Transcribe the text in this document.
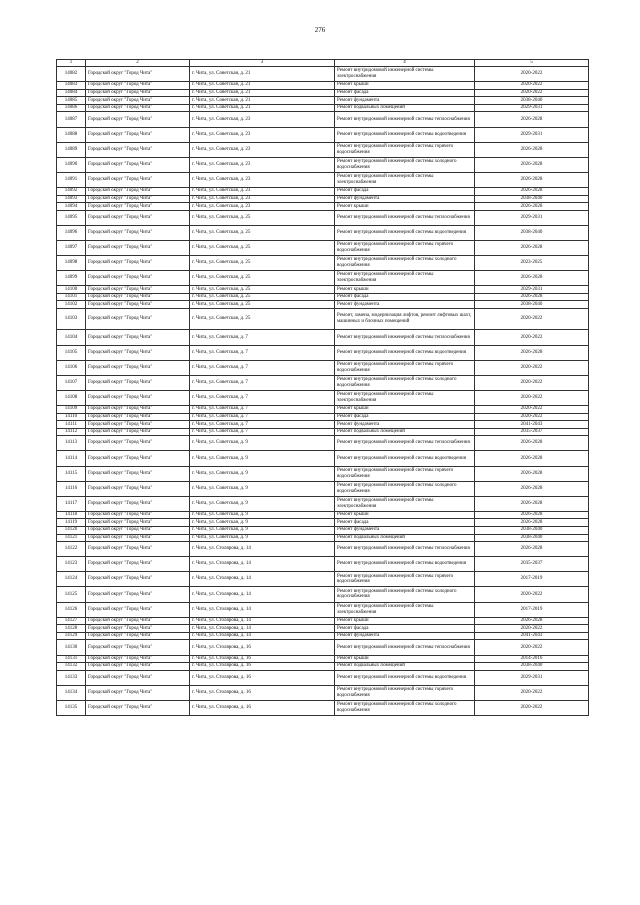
276
1	2	3	4	5
14082	Городской округ "Город Чита"	г. Чита, ул. Советская, д. 21	Ремонт внутридомовой инженерной системы электроснабжения	2020-2022
14083	Городской округ "Город Чита"	г. Чита, ул. Советская, д. 21	Ремонт крыши	2020-2022
14084	Городской округ "Город Чита"	г. Чита, ул. Советская, д. 21	Ремонт фасада	2020-2022
14085	Городской округ "Город Чита"	г. Чита, ул. Советская, д. 21	Ремонт фундамента	2038-2040
14086	Городской округ "Город Чита"	г. Чита, ул. Советская, д. 21	Ремонт подвальных помещений	2029-2031
14087	Городской округ "Город Чита"	г. Чита, ул. Советская, д. 23	Ремонт внутридомовой инженерной системы теплоснабжения	2026-2028
14088	Городской округ "Город Чита"	г. Чита, ул. Советская, д. 23	Ремонт внутридомовой инженерной системы водоотведения	2029-2031
14089	Городской округ "Город Чита"	г. Чита, ул. Советская, д. 23	Ремонт внутридомовой инженерной системы горячего водоснабжения	2026-2028
14090	Городской округ "Город Чита"	г. Чита, ул. Советская, д. 23	Ремонт внутридомовой инженерной системы холодного водоснабжения	2026-2028
14091	Городской округ "Город Чита"	г. Чита, ул. Советская, д. 23	Ремонт внутридомовой инженерной системы электроснабжения	2026-2028
14092	Городской округ "Город Чита"	г. Чита, ул. Советская, д. 23	Ремонт фасада	2026-2028
14093	Городской округ "Город Чита"	г. Чита, ул. Советская, д. 23	Ремонт фундамента	2038-2040
14094	Городской округ "Город Чита"	г. Чита, ул. Советская, д. 23	Ремонт крыши	2026-2028
14095	Городской округ "Город Чита"	г. Чита, ул. Советская, д. 25	Ремонт внутридомовой инженерной системы теплоснабжения	2029-2031
14096	Городской округ "Город Чита"	г. Чита, ул. Советская, д. 25	Ремонт внутридомовой инженерной системы водоотведения	2038-2040
14097	Городской округ "Город Чита"	г. Чита, ул. Советская, д. 25	Ремонт внутридомовой инженерной системы горячего водоснабжения	2026-2028
14098	Городской округ "Город Чита"	г. Чита, ул. Советская, д. 25	Ремонт внутридомовой инженерной системы холодного водоснабжения	2023-2025
14099	Городской округ "Город Чита"	г. Чита, ул. Советская, д. 25	Ремонт внутридомовой инженерной системы электроснабжения	2026-2028
14100	Городской округ "Город Чита"	г. Чита, ул. Советская, д. 25	Ремонт крыши	2029-2031
14101	Городской округ "Город Чита"	г. Чита, ул. Советская, д. 25	Ремонт фасада	2026-2028
14102	Городской округ "Город Чита"	г. Чита, ул. Советская, д. 25	Ремонт фундамента	2038-2040
14103	Городской округ "Город Чита"	г. Чита, ул. Советская, д. 25	Ремонт, замена, модернизация лифтов, ремонт лифтовых шахт, машинных и блочных помещений	2020-2022
14104	Городской округ "Город Чита"	г. Чита, ул. Советская, д. 7	Ремонт внутридомовой инженерной системы теплоснабжения	2020-2022
14105	Городской округ "Город Чита"	г. Чита, ул. Советская, д. 7	Ремонт внутридомовой инженерной системы водоотведения	2026-2028
14106	Городской округ "Город Чита"	г. Чита, ул. Советская, д. 7	Ремонт внутридомовой инженерной системы горячего водоснабжения	2020-2022
14107	Городской округ "Город Чита"	г. Чита, ул. Советская, д. 7	Ремонт внутридомовой инженерной системы холодного водоснабжения	2020-2022
14108	Городской округ "Город Чита"	г. Чита, ул. Советская, д. 7	Ремонт внутридомовой инженерной системы электроснабжения	2020-2022
14109	Городской округ "Город Чита"	г. Чита, ул. Советская, д. 7	Ремонт крыши	2020-2022
14110	Городской округ "Город Чита"	г. Чита, ул. Советская, д. 7	Ремонт фасада	2020-2022
14111	Городской округ "Город Чита"	г. Чита, ул. Советская, д. 7	Ремонт фундамента	2041-2043
14112	Городской округ "Город Чита"	г. Чита, ул. Советская, д. 7	Ремонт подвальных помещений	2035-2037
14113	Городской округ "Город Чита"	г. Чита, ул. Советская, д. 9	Ремонт внутридомовой инженерной системы теплоснабжения	2026-2028
14114	Городской округ "Город Чита"	г. Чита, ул. Советская, д. 9	Ремонт внутридомовой инженерной системы водоотведения	2026-2028
14115	Городской округ "Город Чита"	г. Чита, ул. Советская, д. 9	Ремонт внутридомовой инженерной системы горячего водоснабжения	2026-2028
14116	Городской округ "Город Чита"	г. Чита, ул. Советская, д. 9	Ремонт внутридомовой инженерной системы холодного водоснабжения	2026-2028
14117	Городской округ "Город Чита"	г. Чита, ул. Советская, д. 9	Ремонт внутридомовой инженерной системы электроснабжения	2026-2028
14118	Городской округ "Город Чита"	г. Чита, ул. Советская, д. 9	Ремонт крыши	2026-2028
14119	Городской округ "Город Чита"	г. Чита, ул. Советская, д. 9	Ремонт фасада	2026-2028
14120	Городской округ "Город Чита"	г. Чита, ул. Советская, д. 9	Ремонт фундамента	2038-2040
14121	Городской округ "Город Чита"	г. Чита, ул. Советская, д. 9	Ремонт подвальных помещений	2038-2040
14122	Городской округ "Город Чита"	г. Чита, ул. Столярова, д. 14	Ремонт внутридомовой инженерной системы теплоснабжения	2026-2028
14123	Городской округ "Город Чита"	г. Чита, ул. Столярова, д. 14	Ремонт внутридомовой инженерной системы водоотведения	2035-2037
14124	Городской округ "Город Чита"	г. Чита, ул. Столярова, д. 14	Ремонт внутридомовой инженерной системы горячего водоснабжения	2017-2019
14125	Городской округ "Город Чита"	г. Чита, ул. Столярова, д. 14	Ремонт внутридомовой инженерной системы холодного водоснабжения	2020-2022
14126	Городской округ "Город Чита"	г. Чита, ул. Столярова, д. 14	Ремонт внутридомовой инженерной системы электроснабжения	2017-2019
14127	Городской округ "Город Чита"	г. Чита, ул. Столярова, д. 14	Ремонт крыши	2026-2028
14128	Городской округ "Город Чита"	г. Чита, ул. Столярова, д. 14	Ремонт фасада	2020-2022
14129	Городской округ "Город Чита"	г. Чита, ул. Столярова, д. 14	Ремонт фундамента	2041-2043
14130	Городской округ "Город Чита"	г. Чита, ул. Столярова, д. 16	Ремонт внутридомовой инженерной системы теплоснабжения	2020-2022
14131	Городской округ "Город Чита"	г. Чита, ул. Столярова, д. 16	Ремонт крыши	2014-2016
14132	Городской округ "Город Чита"	г. Чита, ул. Столярова, д. 16	Ремонт подвальных помещений	2038-2040
14133	Городской округ "Город Чита"	г. Чита, ул. Столярова, д. 16	Ремонт внутридомовой инженерной системы водоотведения	2029-2031
14134	Городской округ "Город Чита"	г. Чита, ул. Столярова, д. 16	Ремонт внутридомовой инженерной системы горячего водоснабжения	2020-2022
14135	Городской округ "Город Чита"	г. Чита, ул. Столярова, д. 16	Ремонт внутридомовой инженерной системы холодного водоснабжения	2020-2022
